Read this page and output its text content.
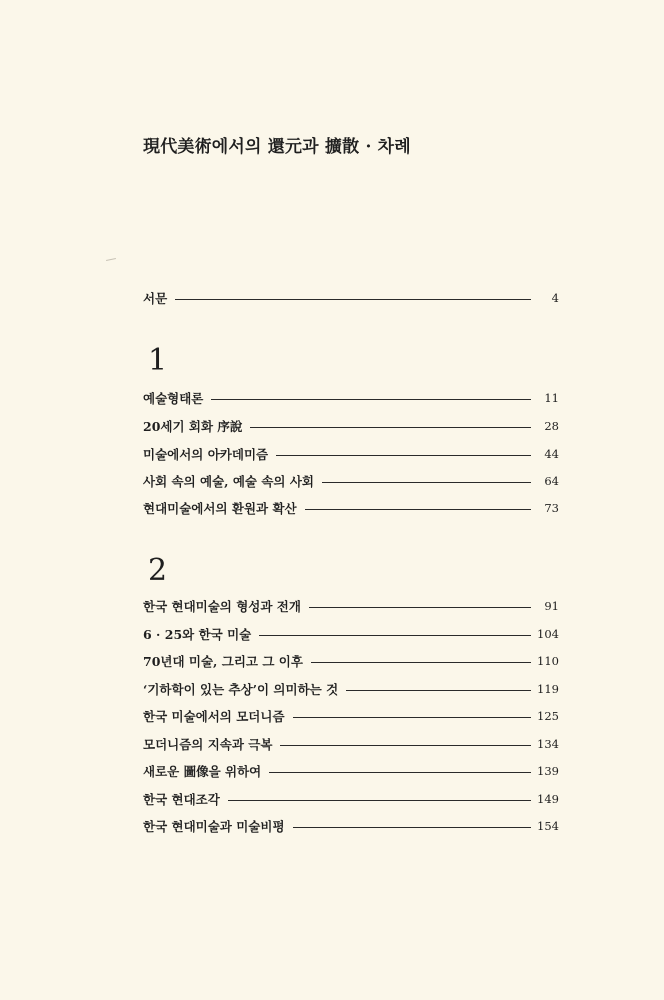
現代美術에서의 還元과 擴散 · 차례
서문	4
1
예술형태론	11
20세기 회화 序說	28
미술에서의 아카데미즘	44
사회 속의 예술, 예술 속의 사회	64
현대미술에서의 환원과 확산	73
2
한국 현대미술의 형성과 전개	91
6 · 25와 한국 미술	104
70년대 미술, 그리고 그 이후	110
‘기하학이 있는 추상’이 의미하는 것	119
한국 미술에서의 모더니즘	125
모더니즘의 지속과 극복	134
새로운 圖像을 위하여	139
한국 현대조각	149
한국 현대미술과 미술비평	154
